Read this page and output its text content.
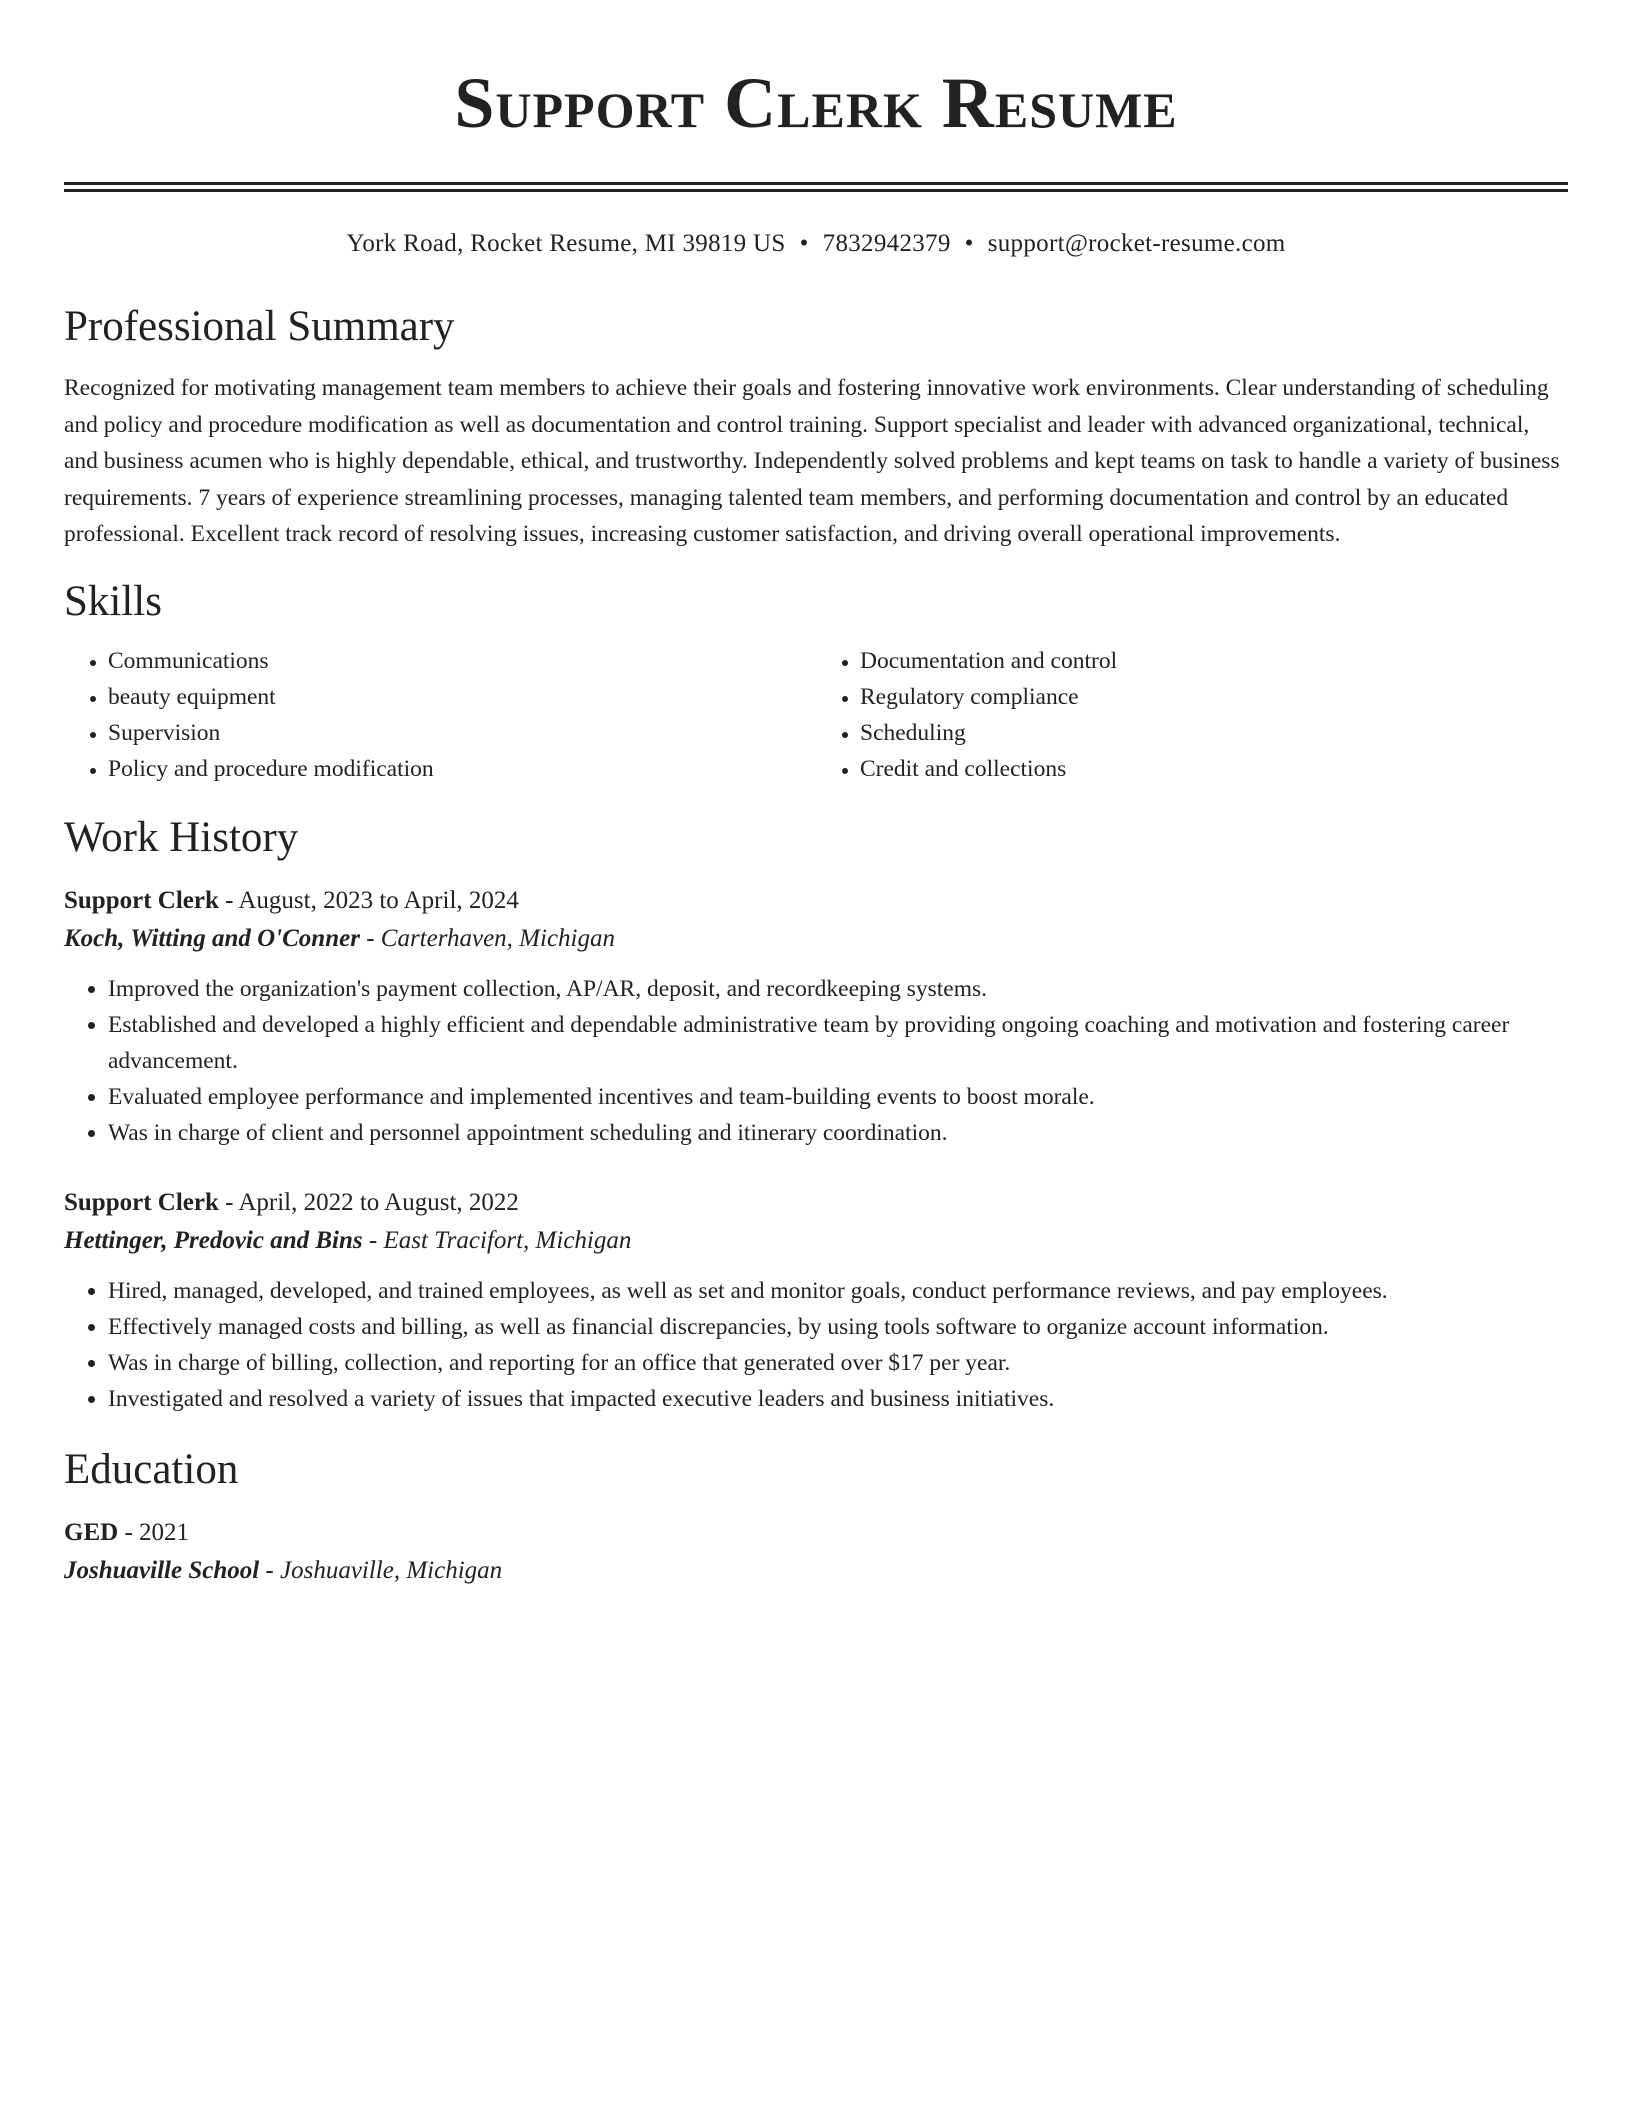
Support Clerk Resume
York Road, Rocket Resume, MI 39819 US • 7832942379 • support@rocket-resume.com
Professional Summary

Recognized for motivating management team members to achieve their goals and fostering innovative work environments. Clear understanding of scheduling and policy and procedure modification as well as documentation and control training. Support specialist and leader with advanced organizational, technical, and business acumen who is highly dependable, ethical, and trustworthy. Independently solved problems and kept teams on task to handle a variety of business requirements. 7 years of experience streamlining processes, managing talented team members, and performing documentation and control by an educated professional. Excellent track record of resolving issues, increasing customer satisfaction, and driving overall operational improvements.

Skills
• Communications
• beauty equipment
• Supervision
• Policy and procedure modification
• Documentation and control
• Regulatory compliance
• Scheduling
• Credit and collections
Work History
Support Clerk - August, 2023 to April, 2024
Koch, Witting and O'Conner - Carterhaven, Michigan
• Improved the organization's payment collection, AP/AR, deposit, and recordkeeping systems.
• Established and developed a highly efficient and dependable administrative team by providing ongoing coaching and motivation and fostering career advancement.
• Evaluated employee performance and implemented incentives and team-building events to boost morale.
• Was in charge of client and personnel appointment scheduling and itinerary coordination.
Support Clerk - April, 2022 to August, 2022
Hettinger, Predovic and Bins - East Tracifort, Michigan
• Hired, managed, developed, and trained employees, as well as set and monitor goals, conduct performance reviews, and pay employees.
• Effectively managed costs and billing, as well as financial discrepancies, by using tools software to organize account information.
• Was in charge of billing, collection, and reporting for an office that generated over $17 per year.
• Investigated and resolved a variety of issues that impacted executive leaders and business initiatives.
Education
GED - 2021
Joshuaville School - Joshuaville, Michigan
